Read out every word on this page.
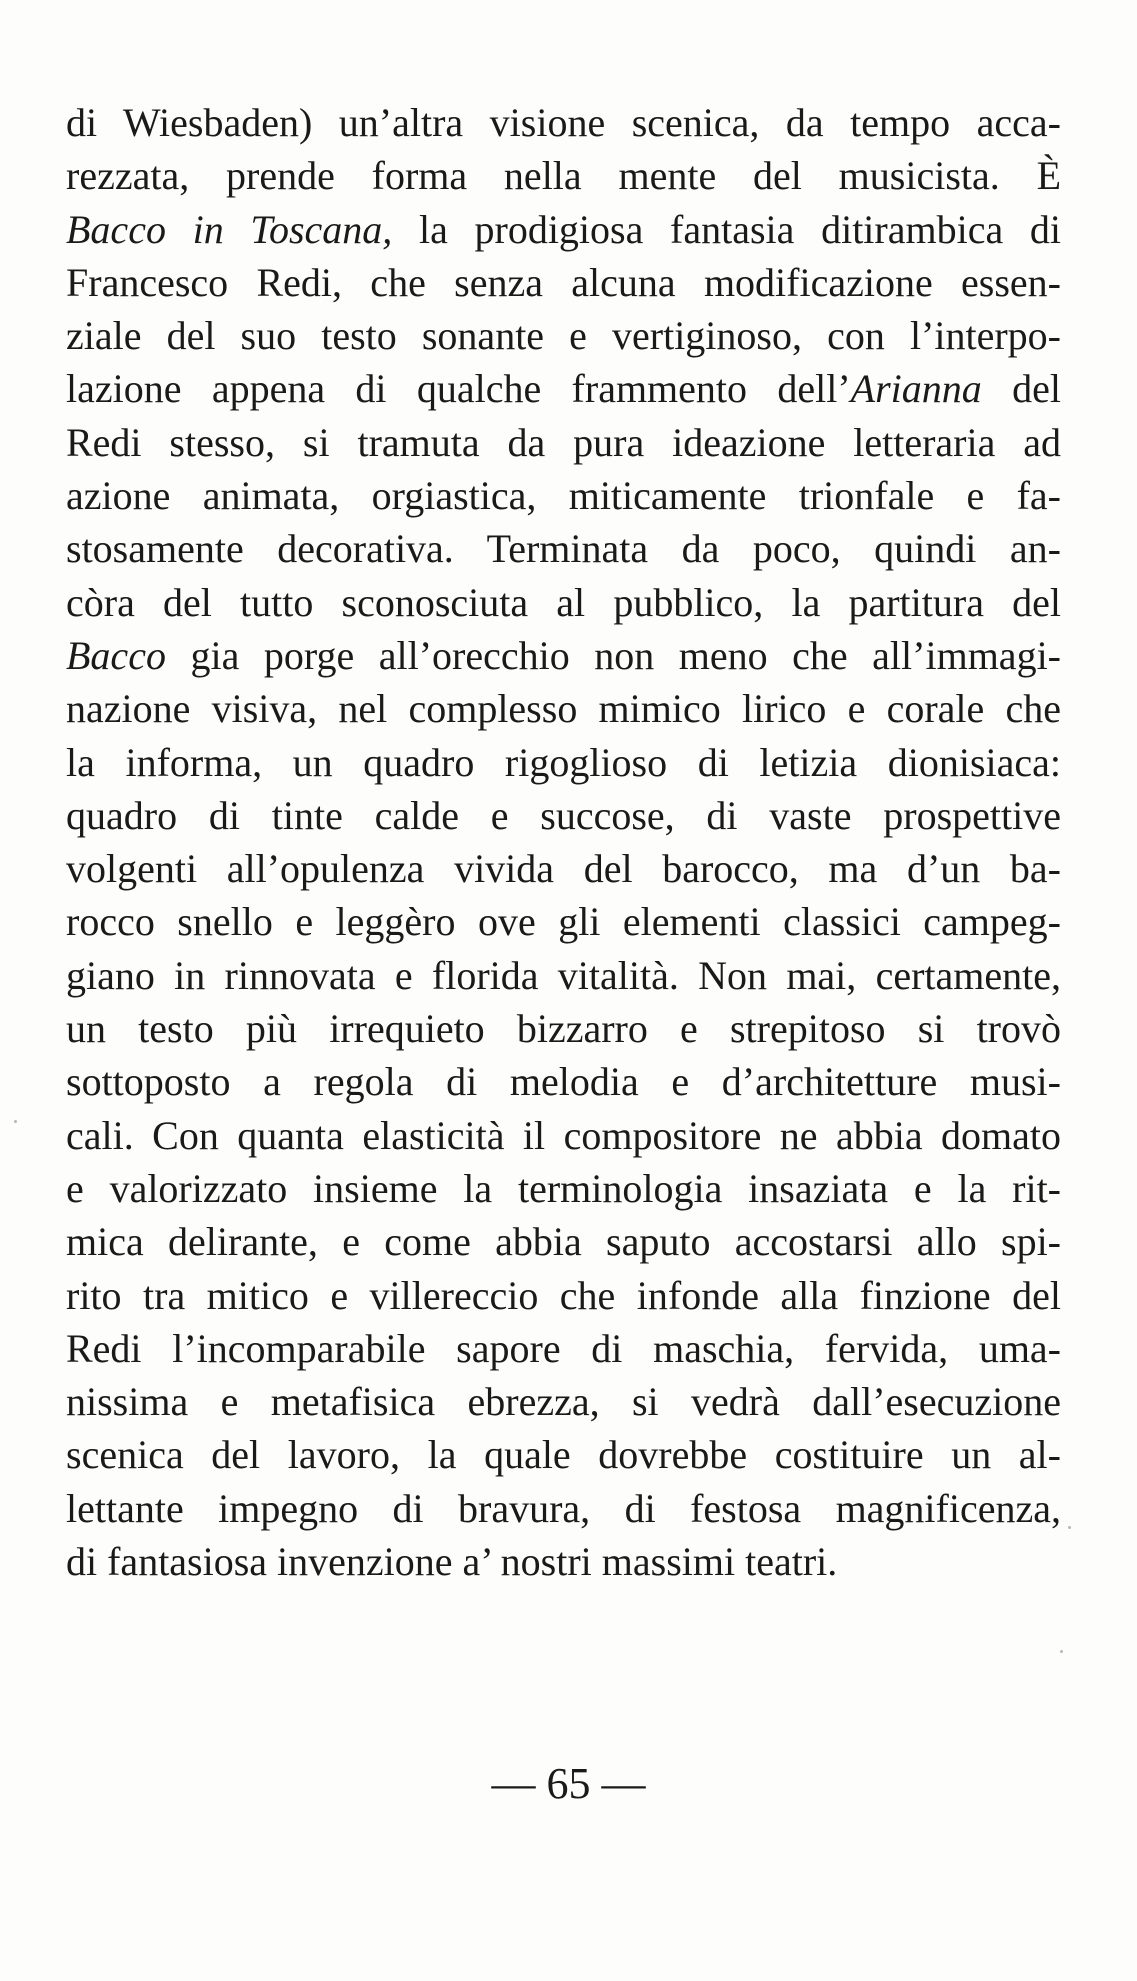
di Wiesbaden) un’altra visione scenica, da tempo acca-
rezzata, prende forma nella mente del musicista. È
Bacco in Toscana, la prodigiosa fantasia ditirambica di
Francesco Redi, che senza alcuna modificazione essen-
ziale del suo testo sonante e vertiginoso, con l’interpo-
lazione appena di qualche frammento dell’Arianna del
Redi stesso, si tramuta da pura ideazione letteraria ad
azione animata, orgiastica, miticamente trionfale e fa-
stosamente decorativa. Terminata da poco, quindi an-
còra del tutto sconosciuta al pubblico, la partitura del
Bacco gia porge all’orecchio non meno che all’immagi-
nazione visiva, nel complesso mimico lirico e corale che
la informa, un quadro rigoglioso di letizia dionisiaca:
quadro di tinte calde e succose, di vaste prospettive
volgenti all’opulenza vivida del barocco, ma d’un ba-
rocco snello e leggèro ove gli elementi classici campeg-
giano in rinnovata e florida vitalità. Non mai, certamente,
un testo più irrequieto bizzarro e strepitoso si trovò
sottoposto a regola di melodia e d’architetture musi-
cali. Con quanta elasticità il compositore ne abbia domato
e valorizzato insieme la terminologia insaziata e la rit-
mica delirante, e come abbia saputo accostarsi allo spi-
rito tra mitico e villereccio che infonde alla finzione del
Redi l’incomparabile sapore di maschia, fervida, uma-
nissima e metafisica ebrezza, si vedrà dall’esecuzione
scenica del lavoro, la quale dovrebbe costituire un al-
lettante impegno di bravura, di festosa magnificenza,
di fantasiosa invenzione a’ nostri massimi teatri.
— 65 —
